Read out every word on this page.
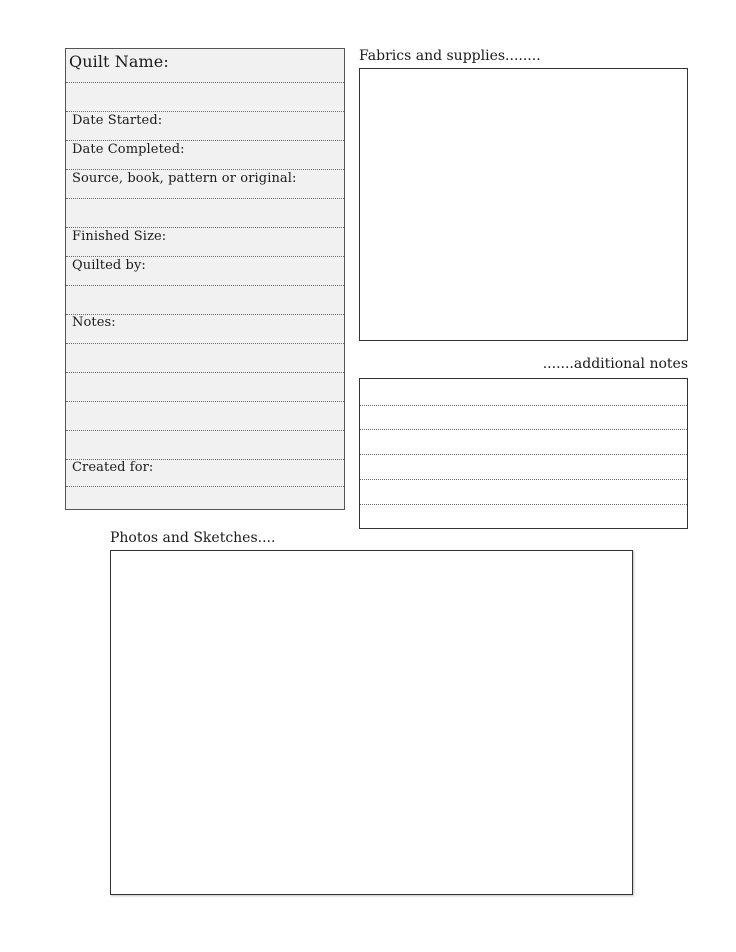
Quilt Name:
Date Started:
Date Completed:
Source, book, pattern or original:
Finished Size:
Quilted by:
Notes:
Created for:
Fabrics and supplies........
.......additional notes
Photos and Sketches....
